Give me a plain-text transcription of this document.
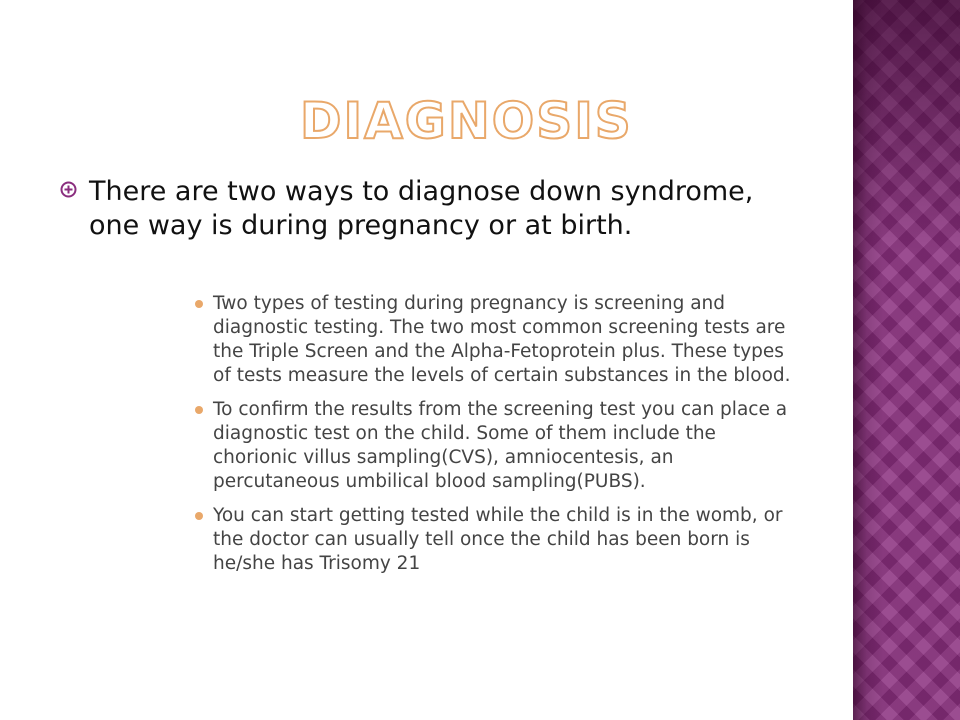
DIAGNOSIS
There are two ways to diagnose down syndrome, one way is during pregnancy or at birth.
Two types of testing during pregnancy is screening and diagnostic testing. The two most common screening tests are the Triple Screen and the Alpha-Fetoprotein plus. These types of tests measure the levels of certain substances in the blood.
To confirm the results from the screening test you can place a diagnostic test on the child. Some of them include the chorionic villus sampling(CVS), amniocentesis, an percutaneous umbilical blood sampling(PUBS).
You can start getting tested while the child is in the womb, or the doctor can usually tell once the child has been born is he/she has Trisomy 21
